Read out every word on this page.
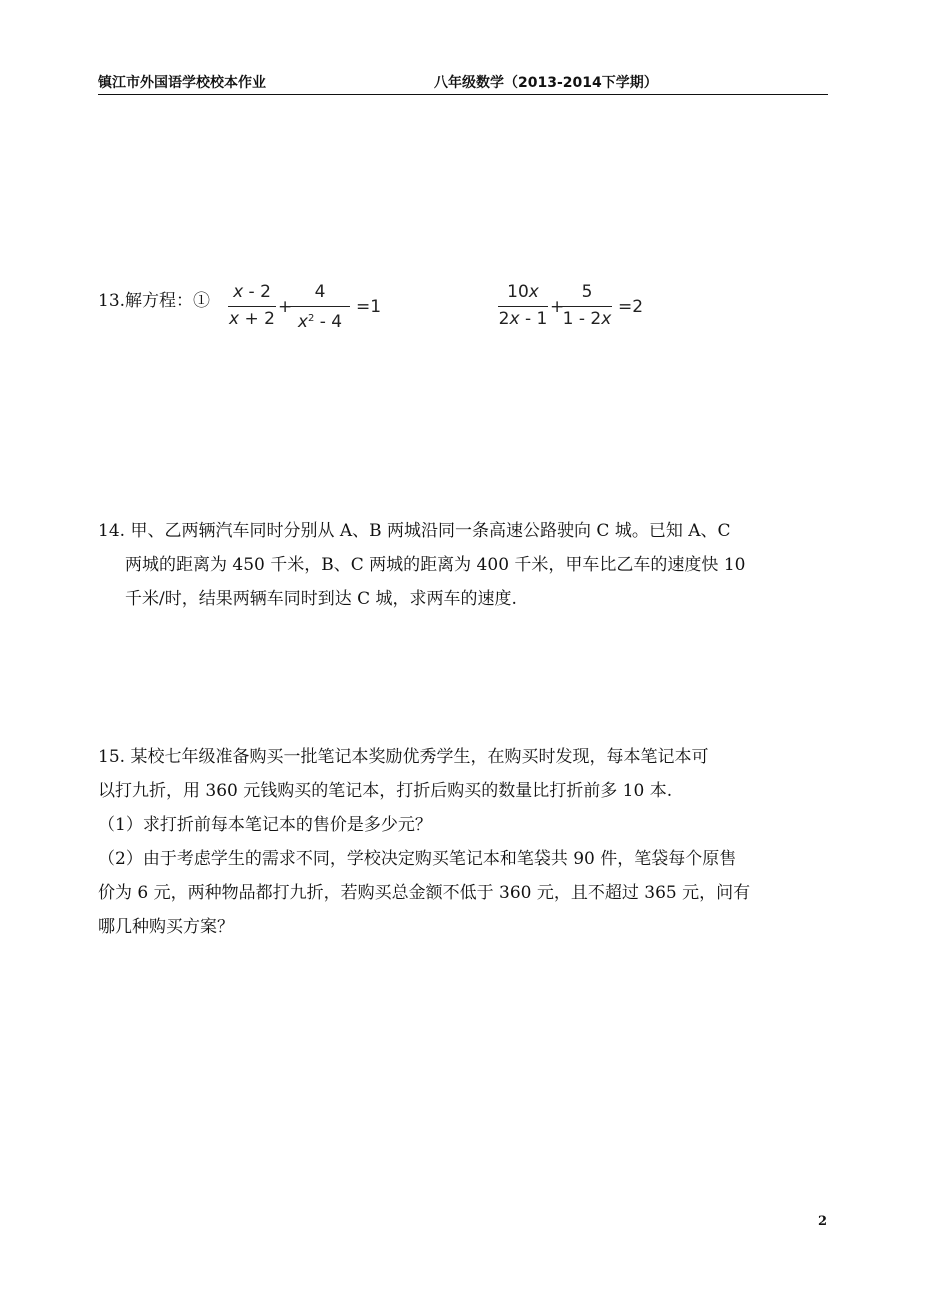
镇江市外国语学校校本作业	八年级数学（2013-2014下学期）
13.解方程：① x - 2
x + 2
+
4
$x^2 - 4$
=1
10x
2x - 1
+
5
1 - 2x
=2

14. 甲、乙两辆汽车同时分别从 A、B 两城沿同一条高速公路驶向 C 城。已知 A、C

两城的距离为 450 千米，B、C 两城的距离为 400 千米，甲车比乙车的速度快 10

千米/时，结果两辆车同时到达 C 城，求两车的速度.

15. 某校七年级准备购买一批笔记本奖励优秀学生，在购买时发现，每本笔记本可

以打九折，用 360 元钱购买的笔记本，打折后购买的数量比打折前多 10 本.

（1）求打折前每本笔记本的售价是多少元？

（2）由于考虑学生的需求不同，学校决定购买笔记本和笔袋共 90 件，笔袋每个原售

价为 6 元，两种物品都打九折，若购买总金额不低于 360 元，且不超过 365 元，问有

哪几种购买方案？

2
